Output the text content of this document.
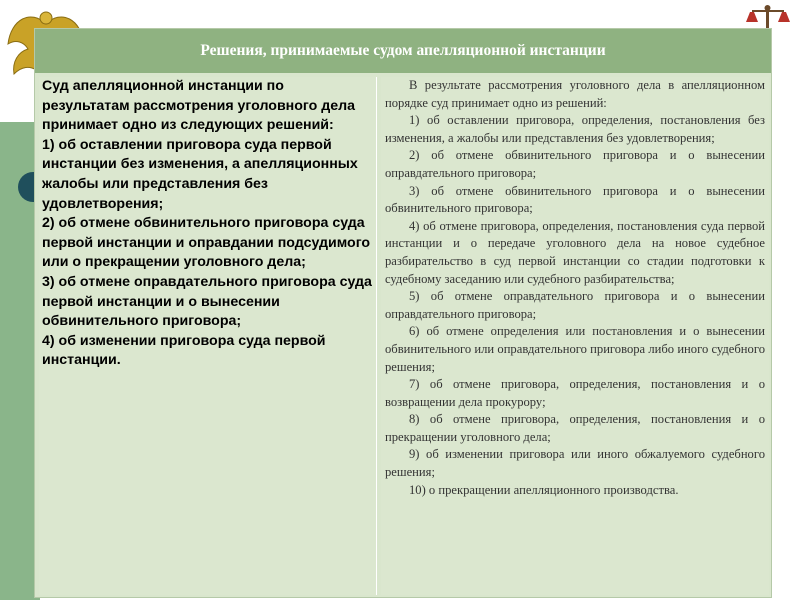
Решения, принимаемые судом апелляционной инстанции

Суд апелляционной инстанции по результатам рассмотрения уголовного дела принимает одно из следующих решений:

1) об оставлении приговора суда первой инстанции без изменения, а апелляционных жалобы или представления без удовлетворения;

2) об отмене обвинительного приговора суда первой инстанции и оправдании подсудимого или о прекращении уголовного дела;

3) об отмене оправдательного приговора суда первой инстанции и о вынесении обвинительного приговора;

4) об изменении приговора суда первой инстанции.

В результате рассмотрения уголовного дела в апелляционном порядке суд принимает одно из решений:

1) об оставлении приговора, определения, постановления без изменения, а жалобы или представления без удовлетворения;

2) об отмене обвинительного приговора и о вынесении оправдательного приговора;

3) об отмене обвинительного приговора и о вынесении обвинительного приговора;

4) об отмене приговора, определения, постановления суда первой инстанции и о передаче уголовного дела на новое судебное разбирательство в суд первой инстанции со стадии подготовки к судебному заседанию или судебного разбирательства;

5) об отмене оправдательного приговора и о вынесении оправдательного приговора;

6) об отмене определения или постановления и о вынесении обвинительного или оправдательного приговора либо иного судебного решения;

7) об отмене приговора, определения, постановления и о возвращении дела прокурору;

8) об отмене приговора, определения, постановления и о прекращении уголовного дела;

9) об изменении приговора или иного обжалуемого судебного решения;

10) о прекращении апелляционного производства.
